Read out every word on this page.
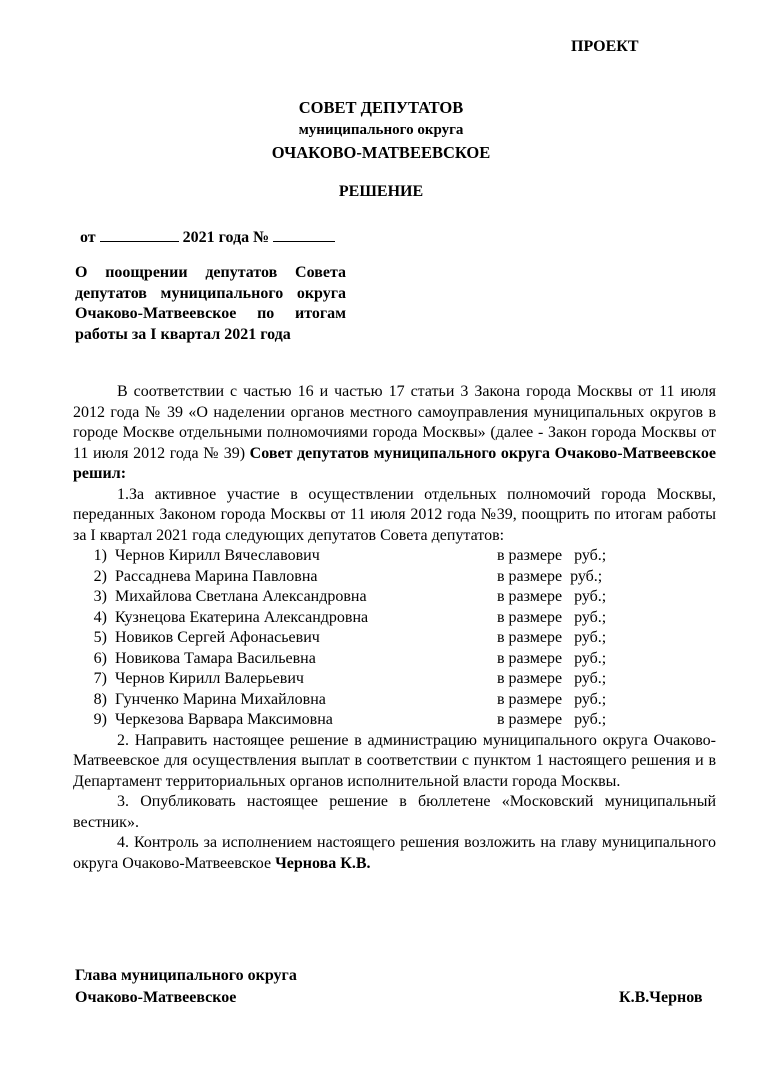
ПРОЕКТ
СОВЕТ ДЕПУТАТОВ
муниципального округа
ОЧАКОВО-МАТВЕЕВСКОЕ
РЕШЕНИЕ
от	2021 года №
О поощрении депутатов Совета депутатов муниципального округа Очаково-Матвеевское по итогам работы за I квартал 2021 года

В соответствии с частью 16 и частью 17 статьи 3 Закона города Москвы от 11 июля 2012 года № 39 «О наделении органов местного самоуправления муниципальных округов в городе Москве отдельными полномочиями города Москвы» (далее - Закон города Москвы от 11 июля 2012 года № 39) Совет депутатов муниципального округа Очаково-Матвеевское решил:

1.За активное участие в осуществлении отдельных полномочий города Москвы, переданных Законом города Москвы от 11 июля 2012 года №39, поощрить по итогам работы за I квартал 2021 года следующих депутатов Совета депутатов:

1) Чернов Кирилл Вячеславович	в размере   руб.;
2) Рассаднева Марина Павловна	в размере  руб.;
3) Михайлова Светлана Александровна	в размере   руб.;
4) Кузнецова Екатерина Александровна	в размере   руб.;
5) Новиков Сергей Афонасьевич	в размере   руб.;
6) Новикова Тамара Васильевна	в размере   руб.;
7) Чернов Кирилл Валерьевич	в размере   руб.;
8) Гунченко Марина Михайловна	в размере   руб.;
9) Черкезова Варвара Максимовна	в размере   руб.;

2. Направить настоящее решение в администрацию муниципального округа Очаково-Матвеевское для осуществления выплат в соответствии с пунктом 1 настоящего решения и в Департамент территориальных органов исполнительной власти города Москвы.

3. Опубликовать настоящее решение в бюллетене «Московский муниципальный вестник».

4. Контроль за исполнением настоящего решения возложить на главу муниципального округа Очаково-Матвеевское Чернова К.В.

Глава муниципального округа
Очаково-Матвеевское	К.В.Чернов
